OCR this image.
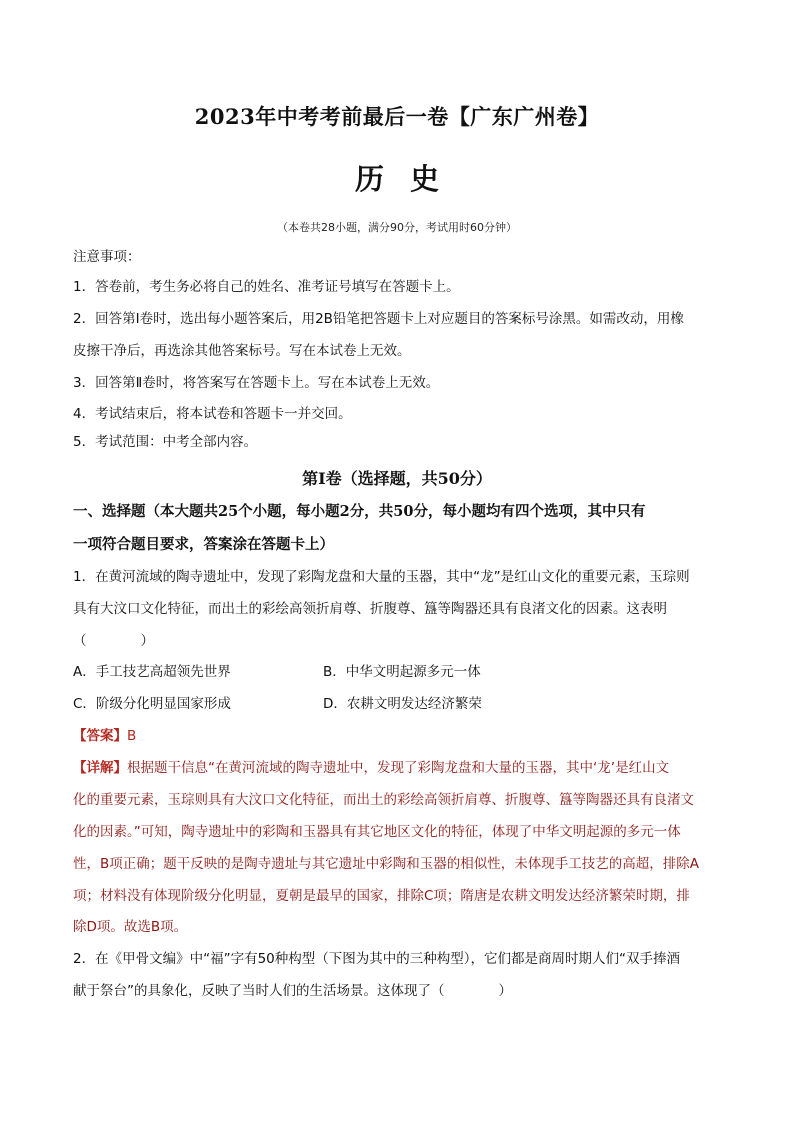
2023年中考考前最后一卷【广东广州卷】
历 史
（本卷共28小题，满分90分，考试用时60分钟）
注意事项：
1．答卷前，考生务必将自己的姓名、准考证号填写在答题卡上。
2．回答第Ⅰ卷时，选出每小题答案后，用2B铅笔把答题卡上对应题目的答案标号涂黑。如需改动，用橡
皮擦干净后，再选涂其他答案标号。写在本试卷上无效。
3．回答第Ⅱ卷时，将答案写在答题卡上。写在本试卷上无效。
4．考试结束后，将本试卷和答题卡一并交回。
5．考试范围：中考全部内容。
第Ⅰ卷（选择题，共50分）
一、选择题（本大题共25个小题，每小题2分，共50分，每小题均有四个选项，其中只有
一项符合题目要求，答案涂在答题卡上）
1．在黄河流域的陶寺遗址中，发现了彩陶龙盘和大量的玉器，其中“龙”是红山文化的重要元素，玉琮则
具有大汶口文化特征，而出土的彩绘高领折肩尊、折腹尊、簋等陶器还具有良渚文化的因素。这表明
（　　　　）
A．手工技艺高超领先世界	B．中华文明起源多元一体
C．阶级分化明显国家形成	D．农耕文明发达经济繁荣
【答案】B
【详解】根据题干信息“在黄河流域的陶寺遗址中，发现了彩陶龙盘和大量的玉器，其中‘龙’是红山文
化的重要元素，玉琮则具有大汶口文化特征，而出土的彩绘高领折肩尊、折腹尊、簋等陶器还具有良渚文
化的因素。”可知，陶寺遗址中的彩陶和玉器具有其它地区文化的特征，体现了中华文明起源的多元一体
性，B项正确；题干反映的是陶寺遗址与其它遗址中彩陶和玉器的相似性，未体现手工技艺的高超，排除A
项；材料没有体现阶级分化明显，夏朝是最早的国家，排除C项；隋唐是农耕文明发达经济繁荣时期，排
除D项。故选B项。
2．在《甲骨文编》中“福”字有50种构型（下图为其中的三种构型），它们都是商周时期人们“双手捧酒
献于祭台”的具象化，反映了当时人们的生活场景。这体现了（　　　　）
